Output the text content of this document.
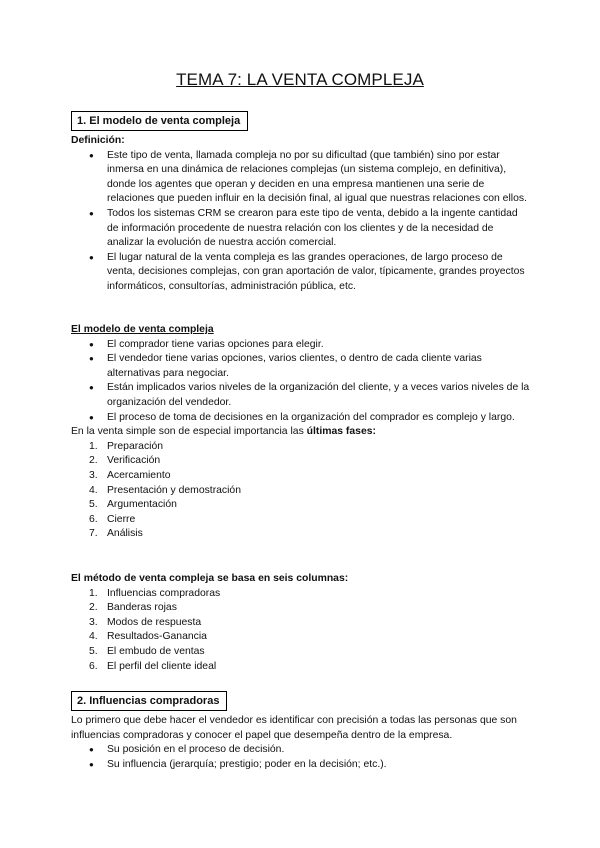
TEMA 7: LA VENTA COMPLEJA
1. El modelo de venta compleja

Definición:

● Este tipo de venta, llamada compleja no por su dificultad (que también) sino por estar inmersa en una dinámica de relaciones complejas (un sistema complejo, en definitiva), donde los agentes que operan y deciden en una empresa mantienen una serie de relaciones que pueden influir en la decisión final, al igual que nuestras relaciones con ellos.
● Todos los sistemas CRM se crearon para este tipo de venta, debido a la ingente cantidad de información procedente de nuestra relación con los clientes y de la necesidad de analizar la evolución de nuestra acción comercial.
● El lugar natural de la venta compleja es las grandes operaciones, de largo proceso de venta, decisiones complejas, con gran aportación de valor, típicamente, grandes proyectos informáticos, consultorías, administración pública, etc.

El modelo de venta compleja

● El comprador tiene varias opciones para elegir.
● El vendedor tiene varias opciones, varios clientes, o dentro de cada cliente varias alternativas para negociar.
● Están implicados varios niveles de la organización del cliente, y a veces varios niveles de la organización del vendedor.
● El proceso de toma de decisiones en la organización del comprador es complejo y largo.

En la venta simple son de especial importancia las últimas fases:

1. Preparación
2. Verificación
3. Acercamiento
4. Presentación y demostración
5. Argumentación
6. Cierre
7. Análisis

El método de venta compleja se basa en seis columnas:

1. Influencias compradoras
2. Banderas rojas
3. Modos de respuesta
4. Resultados-Ganancia
5. El embudo de ventas
6. El perfil del cliente ideal
2. Influencias compradoras

Lo primero que debe hacer el vendedor es identificar con precisión a todas las personas que son influencias compradoras y conocer el papel que desempeña dentro de la empresa.

● Su posición en el proceso de decisión.
● Su influencia (jerarquía; prestigio; poder en la decisión; etc.).
